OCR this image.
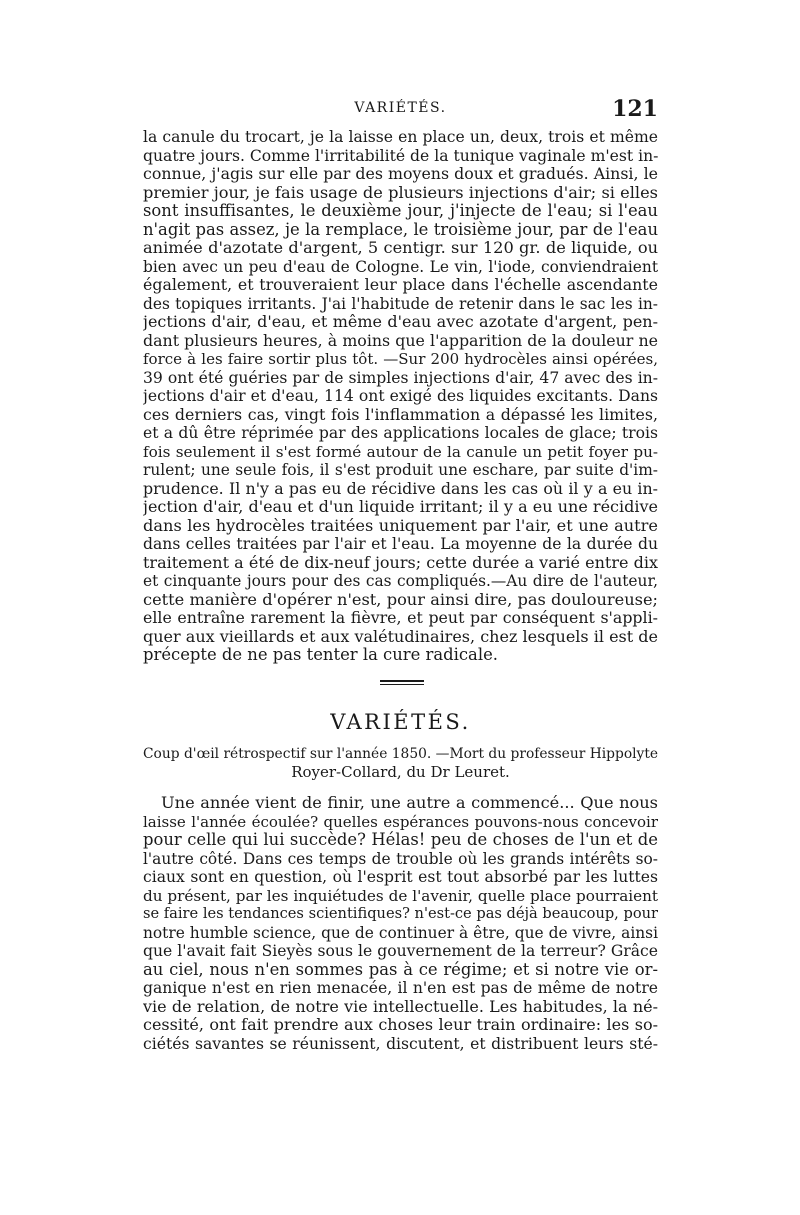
VARIÉTÉS.	121
la canule du trocart, je la laisse en place un, deux, trois et même
quatre jours. Comme l'irritabilité de la tunique vaginale m'est in-
connue, j'agis sur elle par des moyens doux et gradués. Ainsi, le
premier jour, je fais usage de plusieurs injections d'air; si elles
sont insuffisantes, le deuxième jour, j'injecte de l'eau; si l'eau
n'agit pas assez, je la remplace, le troisième jour, par de l'eau
animée d'azotate d'argent, 5 centigr. sur 120 gr. de liquide, ou
bien avec un peu d'eau de Cologne. Le vin, l'iode, conviendraient
également, et trouveraient leur place dans l'échelle ascendante
des topiques irritants. J'ai l'habitude de retenir dans le sac les in-
jections d'air, d'eau, et même d'eau avec azotate d'argent, pen-
dant plusieurs heures, à moins que l'apparition de la douleur ne
force à les faire sortir plus tôt. —Sur 200 hydrocèles ainsi opérées,
39 ont été guéries par de simples injections d'air, 47 avec des in-
jections d'air et d'eau, 114 ont exigé des liquides excitants. Dans
ces derniers cas, vingt fois l'inflammation a dépassé les limites,
et a dû être réprimée par des applications locales de glace; trois
fois seulement il s'est formé autour de la canule un petit foyer pu-
rulent; une seule fois, il s'est produit une eschare, par suite d'im-
prudence. Il n'y a pas eu de récidive dans les cas où il y a eu in-
jection d'air, d'eau et d'un liquide irritant; il y a eu une récidive
dans les hydrocèles traitées uniquement par l'air, et une autre
dans celles traitées par l'air et l'eau. La moyenne de la durée du
traitement a été de dix-neuf jours; cette durée a varié entre dix
et cinquante jours pour des cas compliqués.—Au dire de l'auteur,
cette manière d'opérer n'est, pour ainsi dire, pas douloureuse;
elle entraîne rarement la fièvre, et peut par conséquent s'appli-
quer aux vieillards et aux valétudinaires, chez lesquels il est de
précepte de ne pas tenter la cure radicale.
VARIÉTÉS.
Coup d'œil rétrospectif sur l'année 1850. —Mort du professeur Hippolyte
Royer-Collard, du Dr Leuret.
Une année vient de finir, une autre a commencé... Que nous
laisse l'année écoulée? quelles espérances pouvons-nous concevoir
pour celle qui lui succède? Hélas! peu de choses de l'un et de
l'autre côté. Dans ces temps de trouble où les grands intérêts so-
ciaux sont en question, où l'esprit est tout absorbé par les luttes
du présent, par les inquiétudes de l'avenir, quelle place pourraient
se faire les tendances scientifiques? n'est-ce pas déjà beaucoup, pour
notre humble science, que de continuer à être, que de vivre, ainsi
que l'avait fait Sieyès sous le gouvernement de la terreur? Grâce
au ciel, nous n'en sommes pas à ce régime; et si notre vie or-
ganique n'est en rien menacée, il n'en est pas de même de notre
vie de relation, de notre vie intellectuelle. Les habitudes, la né-
cessité, ont fait prendre aux choses leur train ordinaire: les so-
ciétés savantes se réunissent, discutent, et distribuent leurs sté-
